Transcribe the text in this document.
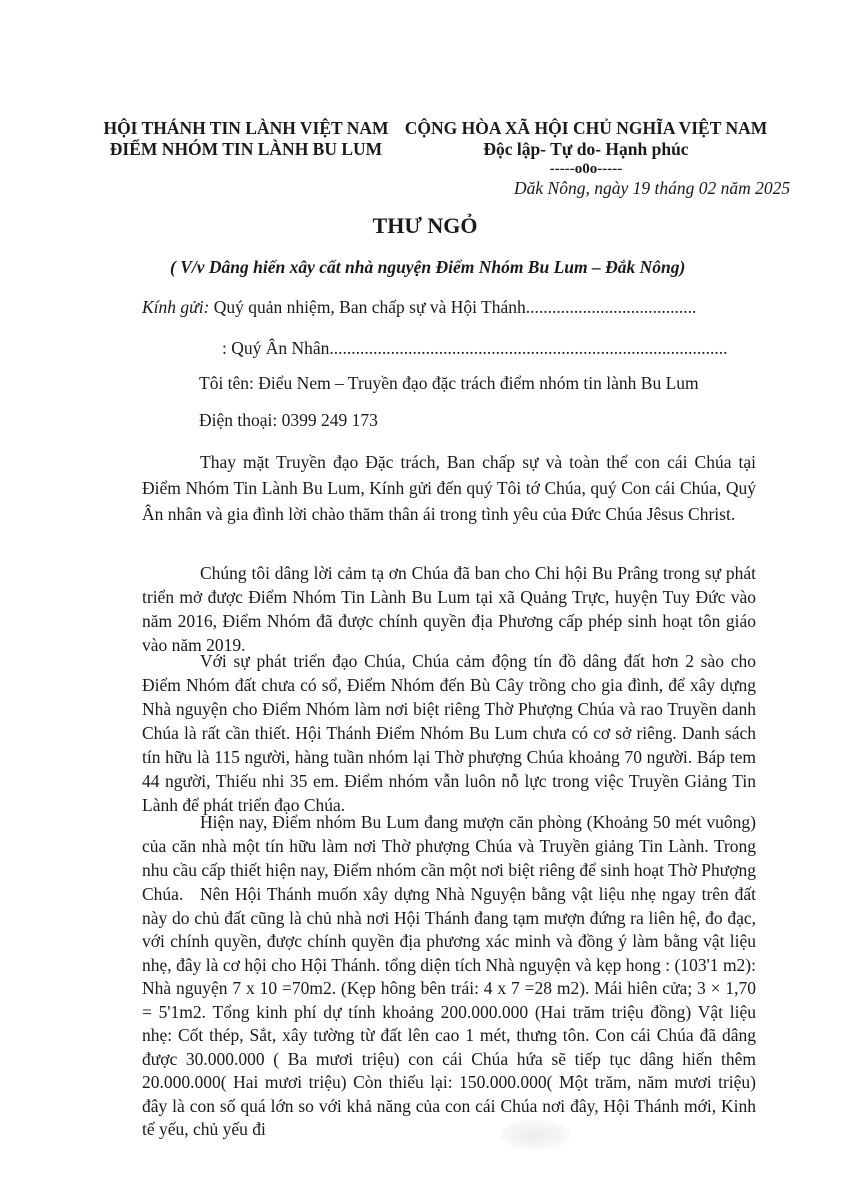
HỘI THÁNH TIN LÀNH VIỆT NAM
ĐIỂM NHÓM TIN LÀNH BU LUM
CỘNG HÒA XÃ HỘI CHỦ NGHĨA VIỆT NAM
Độc lập- Tự do- Hạnh phúc
-----o0o-----
Dăk Nông, ngày 19 tháng 02 năm 2025
THƯ NGỎ
( V/v Dâng hiến xây cất nhà nguyện Điểm Nhóm Bu Lum – Đắk Nông)
Kính gửi: Quý quản nhiệm, Ban chấp sự và Hội Thánh.......................................
: Quý Ân Nhân...........................................................................................
Tôi tên: Điểu Nem – Truyền đạo đặc trách điểm nhóm tin lành Bu Lum
Điện thoại: 0399 249 173
Thay mặt Truyền đạo Đặc trách, Ban chấp sự và toàn thể con cái Chúa tại Điểm Nhóm Tin Lành Bu Lum, Kính gửi đến quý Tôi tớ Chúa, quý Con cái Chúa, Quý Ân nhân và gia đình lời chào thăm thân ái trong tình yêu của Đức Chúa Jêsus Christ.
Chúng tôi dâng lời cảm tạ ơn Chúa đã ban cho Chi hội Bu Prâng trong sự phát triển mở được Điểm Nhóm Tin Lành Bu Lum tại xã Quảng Trực, huyện Tuy Đức vào năm 2016, Điểm Nhóm đã được chính quyền địa Phương cấp phép sinh hoạt tôn giáo vào năm 2019.
Với sự phát triển đạo Chúa, Chúa cảm động tín đồ dâng đất hơn 2 sào cho Điểm Nhóm đất chưa có sổ, Điểm Nhóm đến Bù Cây trồng cho gia đình, để xây dựng Nhà nguyện cho Điểm Nhóm làm nơi biệt riêng Thờ Phượng Chúa và rao Truyền danh Chúa là rất cần thiết. Hội Thánh Điểm Nhóm Bu Lum chưa có cơ sở riêng. Danh sách tín hữu là 115 người, hàng tuần nhóm lại Thờ phượng Chúa khoảng 70 người. Báp tem 44 người, Thiếu nhi 35 em. Điểm nhóm vẫn luôn nỗ lực trong việc Truyền Giảng Tin Lành để phát triển đạo Chúa.
Hiện nay, Điểm nhóm Bu Lum đang mượn căn phòng (Khoảng 50 mét vuông) của căn nhà một tín hữu làm nơi Thờ phượng Chúa và Truyền giảng Tin Lành. Trong nhu cầu cấp thiết hiện nay, Điểm nhóm cần một nơi biệt riêng để sinh hoạt Thờ Phượng Chúa. Nên Hội Thánh muốn xây dựng Nhà Nguyện bằng vật liệu nhẹ ngay trên đất này do chủ đất cũng là chủ nhà nơi Hội Thánh đang tạm mượn đứng ra liên hệ, đo đạc, với chính quyền, được chính quyền địa phương xác minh và đồng ý làm bằng vật liệu nhẹ, đây là cơ hội cho Hội Thánh. tổng diện tích Nhà nguyện và kẹp hong : (103'1 m2): Nhà nguyện 7 x 10 =70m2. (Kẹp hông bên trái: 4 x 7 =28 m2). Mái hiên cửa; 3 × 1,70 = 5'1m2. Tổng kinh phí dự tính khoảng 200.000.000 (Hai trăm triệu đồng) Vật liệu nhẹ: Cốt thép, Sắt, xây tường từ đất lên cao 1 mét, thưng tôn. Con cái Chúa đã dâng được 30.000.000 ( Ba mươi triệu) con cái Chúa hứa sẽ tiếp tục dâng hiến thêm 20.000.000( Hai mươi triệu) Còn thiếu lại: 150.000.000( Một trăm, năm mươi triệu) đây là con số quá lớn so với khả năng của con cái Chúa nơi đây, Hội Thánh mới, Kinh tế yếu, chủ yếu đi
